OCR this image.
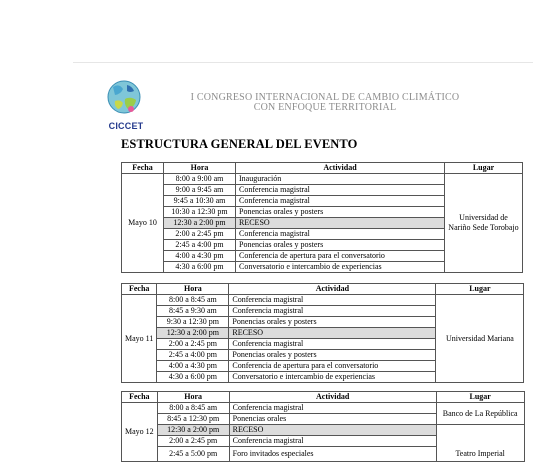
CICCET
I CONGRESO INTERNACIONAL DE CAMBIO CLIMÁTICO
CON ENFOQUE TERRITORIAL
ESTRUCTURA GENERAL DEL EVENTO
Fecha	Hora	Actividad	Lugar
Mayo 10	8:00 a 9:00 am	Inauguración	Universidad de Nariño Sede Torobajo
	9:00 a 9:45 am	Conferencia magistral	
	9:45 a 10:30 am	Conferencia magistral	
	10:30 a 12:30 pm	Ponencias orales y posters	
	12:30 a 2:00 pm	RECESO	
	2:00 a 2:45 pm	Conferencia magistral	
	2:45 a 4:00 pm	Ponencias orales y posters	
	4:00 a 4:30 pm	Conferencia de apertura para el conversatorio	
	4:30 a 6:00 pm	Conversatorio e intercambio de experiencias	
Fecha	Hora	Actividad	Lugar
Mayo 11	8:00 a 8:45 am	Conferencia magistral	Universidad Mariana
	8:45 a 9:30 am	Conferencia magistral	
	9:30 a 12:30 pm	Ponencias orales y posters	
	12:30 a 2:00 pm	RECESO	
	2:00 a 2:45 pm	Conferencia magistral	
	2:45 a 4:00 pm	Ponencias orales y posters	
	4:00 a 4:30 pm	Conferencia de apertura para el conversatorio	
	4:30 a 6:00 pm	Conversatorio e intercambio de experiencias	
Fecha	Hora	Actividad	Lugar
Mayo 12	8:00 a 8:45 am	Conferencia magistral	Banco de La República
	8:45 a 12:30 pm	Ponencias orales	
	12:30 a 2:00 pm	RECESO	Teatro Imperial
	2:00 a 2:45 pm	Conferencia magistral	
	2:45 a 5:00 pm	Foro invitados especiales	
